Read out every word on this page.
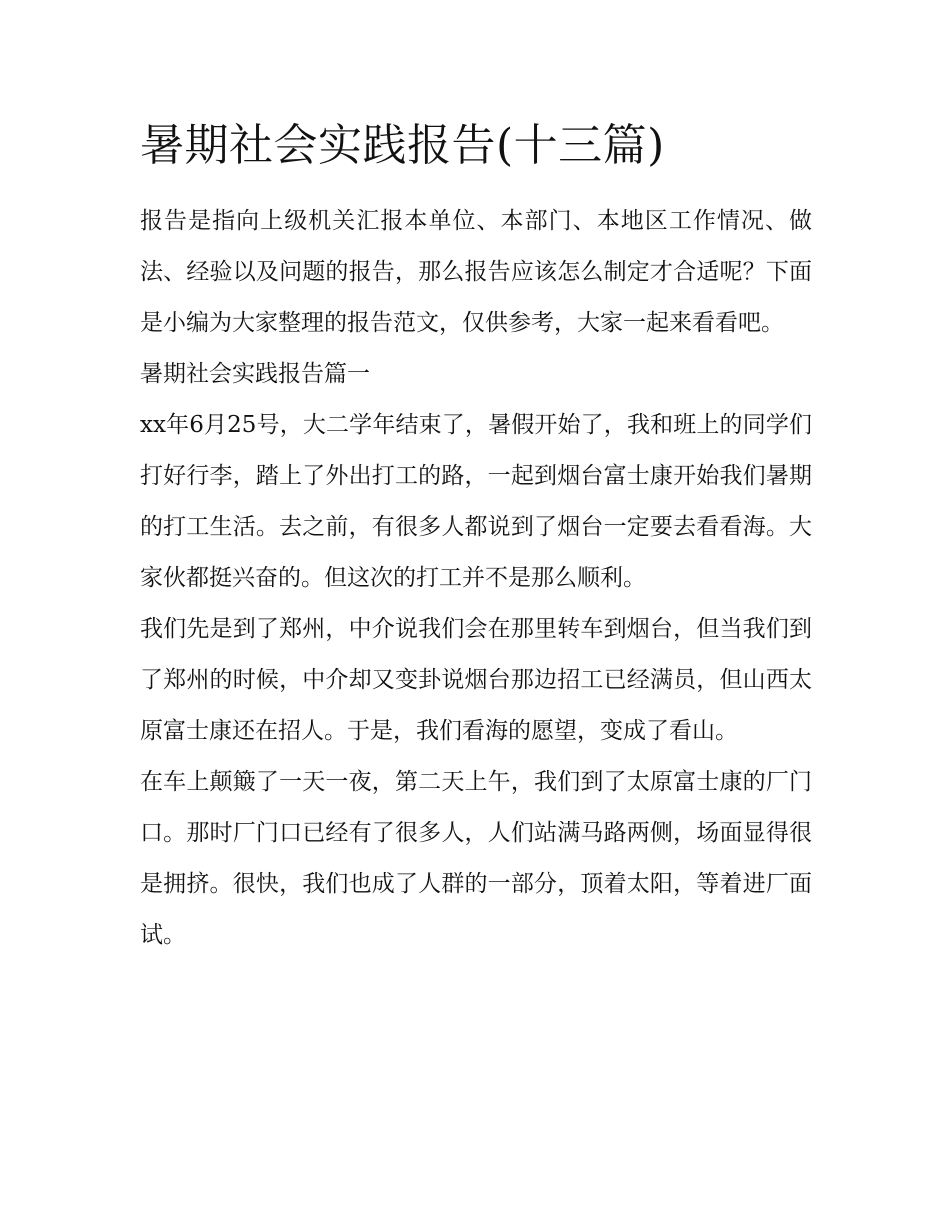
暑期社会实践报告(十三篇)

报告是指向上级机关汇报本单位、本部门、本地区工作情况、做法、经验以及问题的报告，那么报告应该怎么制定才合适呢？下面是小编为大家整理的报告范文，仅供参考，大家一起来看看吧。

暑期社会实践报告篇一

xx年6月25号，大二学年结束了，暑假开始了，我和班上的同学们打好行李，踏上了外出打工的路，一起到烟台富士康开始我们暑期的打工生活。去之前，有很多人都说到了烟台一定要去看看海。大家伙都挺兴奋的。但这次的打工并不是那么顺利。

我们先是到了郑州，中介说我们会在那里转车到烟台，但当我们到了郑州的时候，中介却又变卦说烟台那边招工已经满员，但山西太原富士康还在招人。于是，我们看海的愿望，变成了看山。

在车上颠簸了一天一夜，第二天上午，我们到了太原富士康的厂门口。那时厂门口已经有了很多人，人们站满马路两侧，场面显得很是拥挤。很快，我们也成了人群的一部分，顶着太阳，等着进厂面试。
